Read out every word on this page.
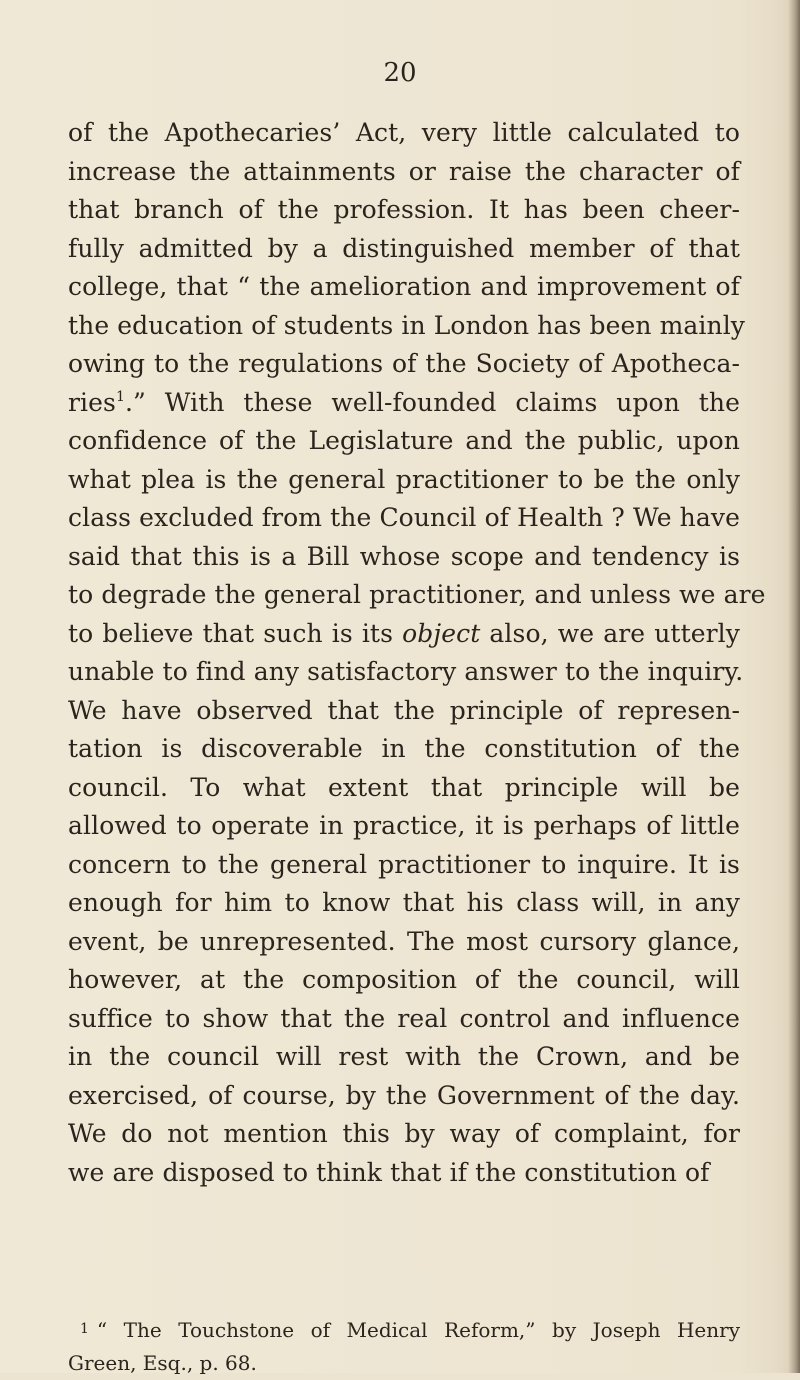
20
of the Apothecaries’ Act, very little calculated to
increase the attainments or raise the character of
that branch of the profession. It has been cheer-
fully admitted by a distinguished member of that
college, that “ the amelioration and improvement of
the education of students in London has been mainly
owing to the regulations of the Society of Apotheca-
ries$^1$.” With these well-founded claims upon the
confidence of the Legislature and the public, upon
what plea is the general practitioner to be the only
class excluded from the Council of Health ? We have
said that this is a Bill whose scope and tendency is
to degrade the general practitioner, and unless we are
to believe that such is its object also, we are utterly
unable to find any satisfactory answer to the inquiry.
We have observed that the principle of represen-
tation is discoverable in the constitution of the
council. To what extent that principle will be
allowed to operate in practice, it is perhaps of little
concern to the general practitioner to inquire. It is
enough for him to know that his class will, in any
event, be unrepresented. The most cursory glance,
however, at the composition of the council, will
suffice to show that the real control and influence
in the council will rest with the Crown, and be
exercised, of course, by the Government of the day.
We do not mention this by way of complaint, for
we are disposed to think that if the constitution of
$^1$ “ The Touchstone of Medical Reform,” by Joseph Henry
Green, Esq., p. 68.
